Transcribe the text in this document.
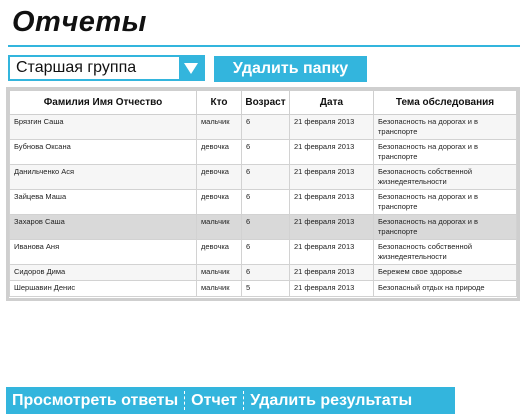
Отчеты
Старшая группа	Удалить папку
Фамилия Имя Отчество	Кто	Возраст	Дата	Тема обследования
Брязгин Саша	мальчик	6	21 февраля 2013	Безопасность на дорогах и в транспорте
Бубнова Оксана	девочка	6	21 февраля 2013	Безопасность на дорогах и в транспорте
Данильченко Ася	девочка	6	21 февраля 2013	Безопасность собственной жизнедеятельности
Зайцева Маша	девочка	6	21 февраля 2013	Безопасность на дорогах и в транспорте
Захаров Саша	мальчик	6	21 февраля 2013	Безопасность на дорогах и в транспорте
Иванова Аня	девочка	6	21 февраля 2013	Безопасность собственной жизнедеятельности
Сидоров Дима	мальчик	6	21 февраля 2013	Бережем свое здоровье
Шершавин Денис	мальчик	5	21 февраля 2013	Безопасный отдых на природе
Просмотреть ответы Отчет Удалить результаты
